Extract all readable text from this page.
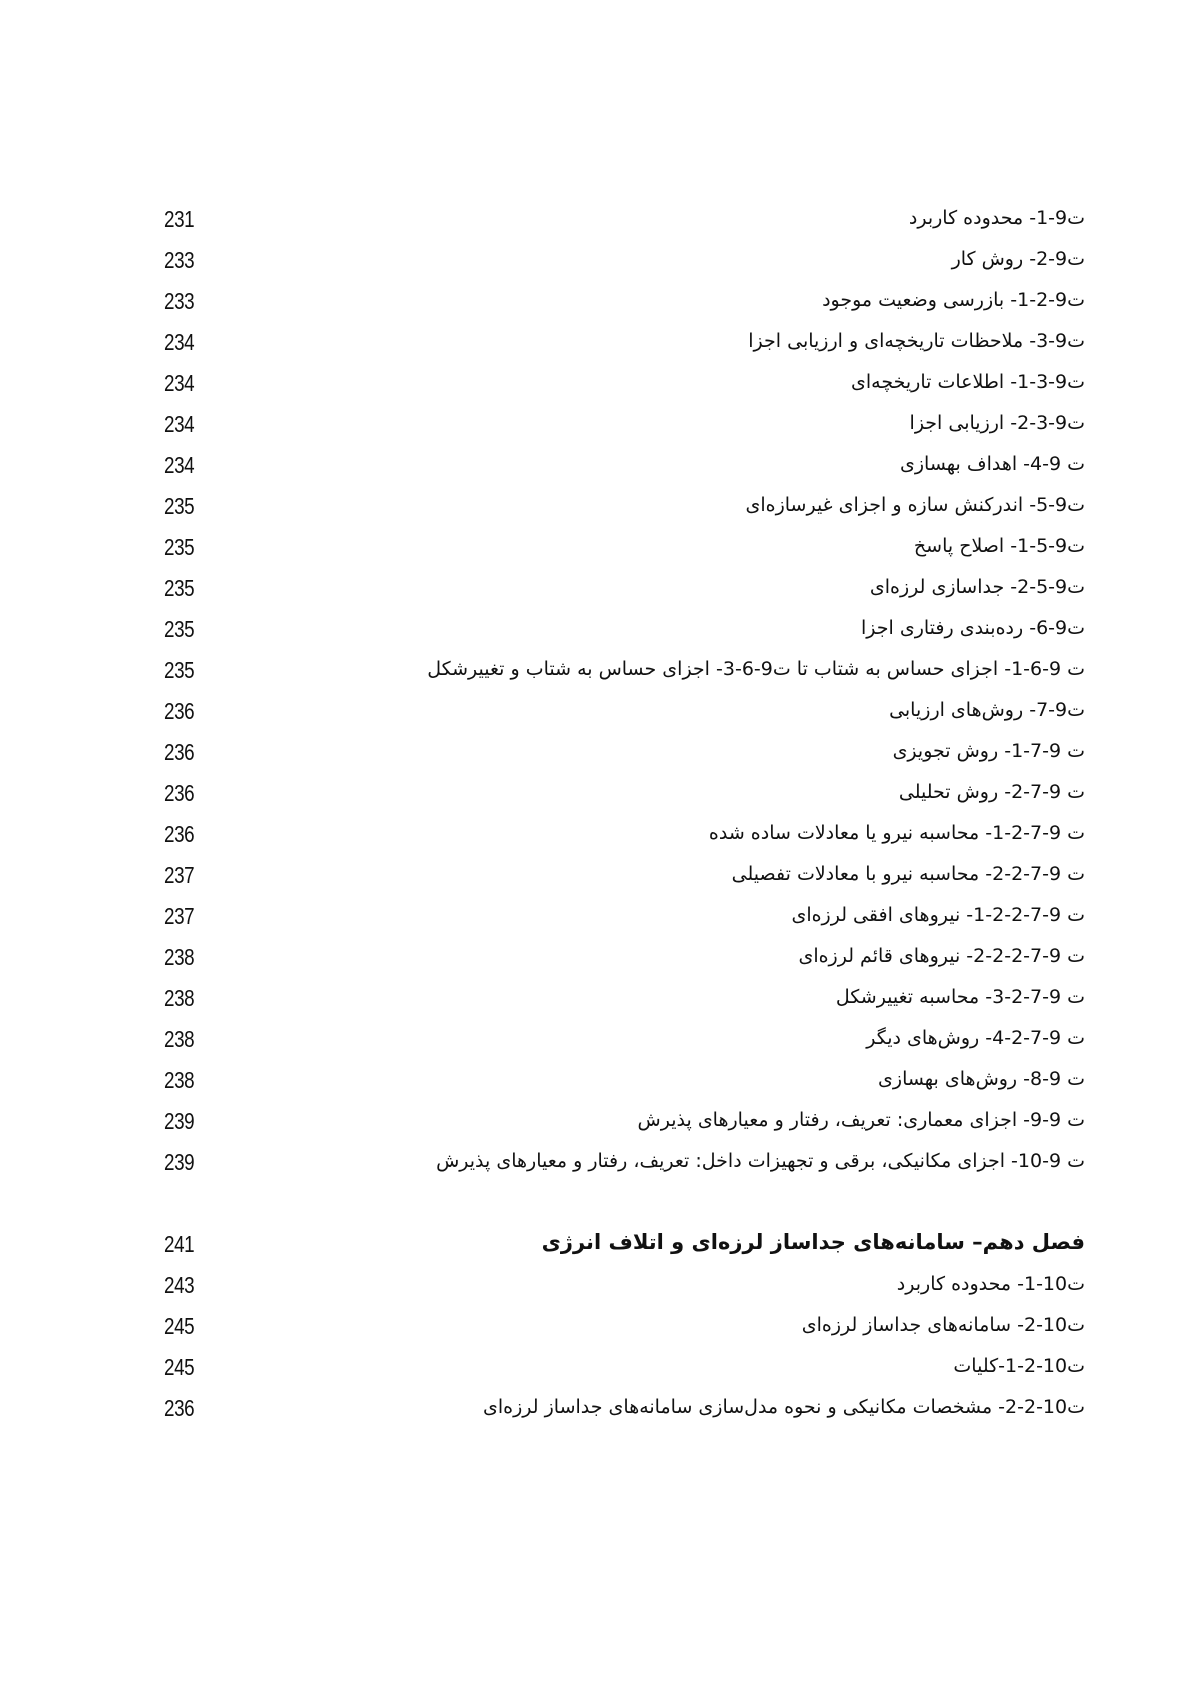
231	ت9-1- محدوده کاربرد
233	ت9-2- روش کار
233	ت9-2-1- بازرسی وضعیت موجود
234	ت9-3- ملاحظات تاریخچه‌ای و ارزیابی اجزا
234	ت9-3-1- اطلاعات تاریخچه‌ای
234	ت9-3-2- ارزیابی اجزا
234	ت 9-4- اهداف بهسازی
235	ت9-5- اندرکنش سازه و اجزای غیرسازه‌ای
235	ت9-5-1- اصلاح پاسخ
235	ت9-5-2- جداسازی لرزه‌ای
235	ت9-6- رده‌بندی رفتاری اجزا
235	ت 9-6-1- اجزای حساس به شتاب تا ت9-6-3- اجزای حساس به شتاب و تغییرشکل
236	ت9-7- روش‌های ارزیابی
236	ت 9-7-1- روش تجویزی
236	ت 9-7-2- روش تحلیلی
236	ت 9-7-2-1- محاسبه نیرو یا معادلات ساده شده
237	ت 9-7-2-2- محاسبه نیرو با معادلات تفصیلی
237	ت 9-7-2-2-1- نیروهای افقی لرزه‌ای
238	ت 9-7-2-2-2- نیروهای قائم لرزه‌ای
238	ت 9-7-2-3- محاسبه تغییرشکل
238	ت 9-7-2-4- روش‌های دیگر
238	ت 9-8- روش‌های بهسازی
239	ت 9-9- اجزای معماری: تعریف، رفتار و معیارهای پذیرش
239	ت 9-10- اجزای مکانیکی، برقی و تجهیزات داخل: تعریف، رفتار و معیارهای پذیرش
241	فصل دهم– سامانه‌های جداساز لرزه‌ای و اتلاف انرژی
243	ت10-1- محدوده کاربرد
245	ت10-2- سامانه‌های جداساز لرزه‌ای
245	ت10-2-1-کلیات
236	ت10-2-2- مشخصات مکانیکی و نحوه مدل‌سازی سامانه‌های جداساز لرزه‌ای
